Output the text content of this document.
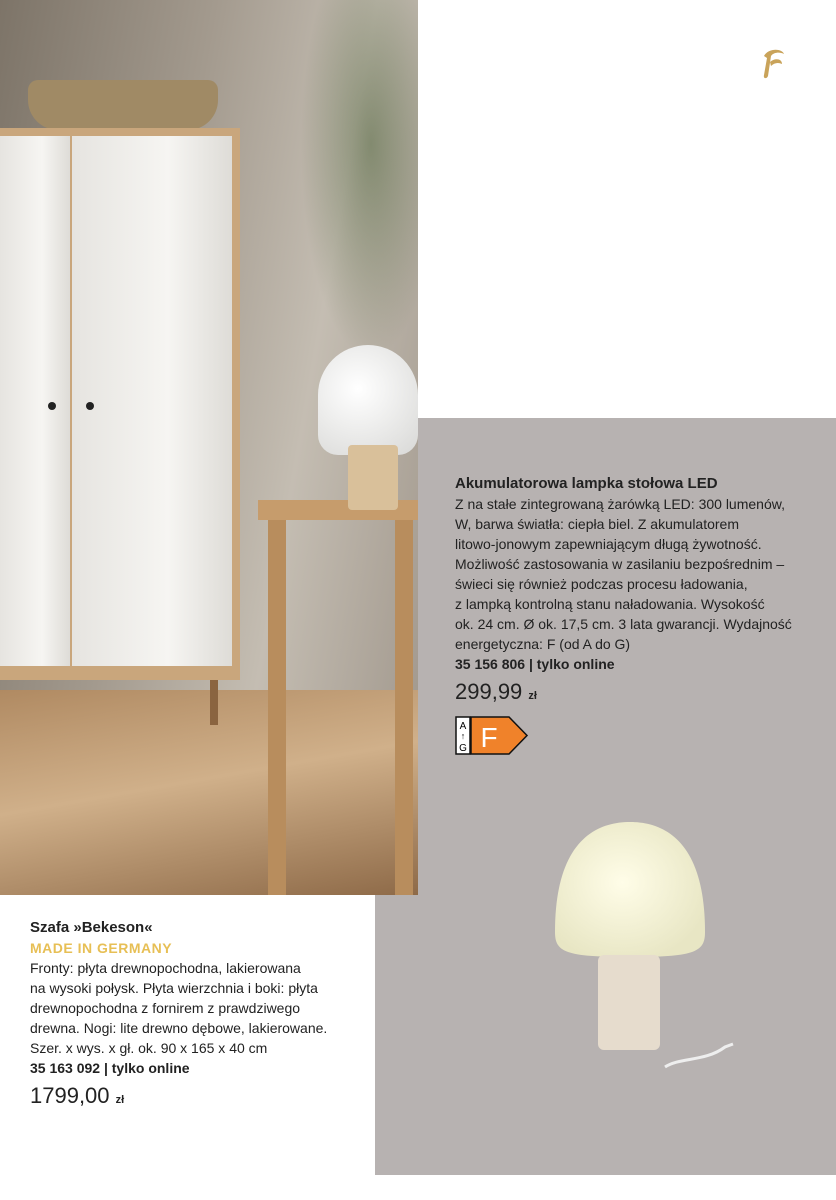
Akumulatorowa lampka stołowa LED
Z na stałe zintegrowaną żarówką LED: 300 lumenów,
W, barwa światła: ciepła biel. Z akumulatorem
litowo-jonowym zapewniającym długą żywotność.
Możliwość zastosowania w zasilaniu bezpośrednim –
świeci się również podczas procesu ładowania,
z lampką kontrolną stanu naładowania. Wysokość
ok. 24 cm. Ø ok. 17,5 cm. 3 lata gwarancji. Wydajność
energetyczna: F (od A do G)
35 156 806 | tylko online
299,99 zł
A
↑
G F
Szafa »Bekeson«
MADE IN GERMANY
Fronty: płyta drewnopochodna, lakierowana
na wysoki połysk. Płyta wierzchnia i boki: płyta
drewnopochodna z fornirem z prawdziwego
drewna. Nogi: lite drewno dębowe, lakierowane.
Szer. x wys. x gł. ok. 90 x 165 x 40 cm
35 163 092 | tylko online
1799,00 zł
